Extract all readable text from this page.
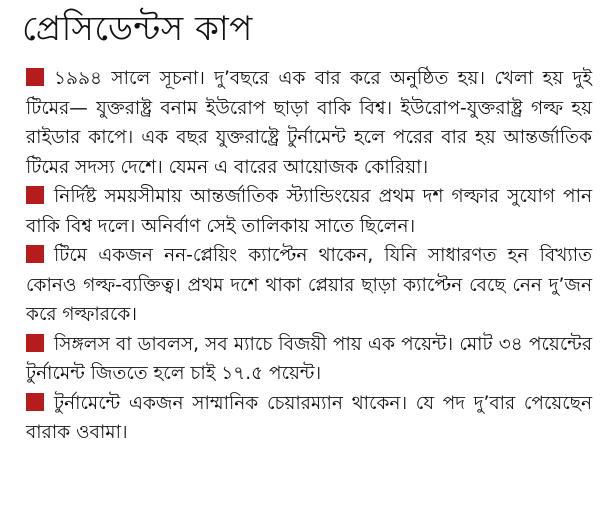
প্রেসিডেন্টস কাপ

১৯৯৪ সালে সূচনা। দু’বছরে এক বার করে অনুষ্ঠিত হয়। খেলা হয় দুই টিমের— যুক্তরাষ্ট্র বনাম ইউরোপ ছাড়া বাকি বিশ্ব। ইউরোপ-যুক্তরাষ্ট্র গল্ফ হয় রাইডার কাপে। এক বছর যুক্তরাষ্ট্রে টুর্নামেন্ট হলে পরের বার হয় আন্তর্জাতিক টিমের সদস্য দেশে। যেমন এ বারের আয়োজক কোরিয়া।

নির্দিষ্ট সময়সীমায় আন্তর্জাতিক স্ট্যান্ডিংয়ের প্রথম দশ গল্ফার সুযোগ পান বাকি বিশ্ব দলে। অনির্বাণ সেই তালিকায় সাতে ছিলেন।

টিমে একজন নন-প্লেয়িং ক্যাপ্টেন থাকেন, যিনি সাধারণত হন বিখ্যাত কোনও গল্ফ-ব্যক্তিত্ব। প্রথম দশে থাকা প্লেয়ার ছাড়া ক্যাপ্টেন বেছে নেন দু’জন করে গল্ফারকে।

সিঙ্গলস বা ডাবলস, সব ম্যাচে বিজয়ী পায় এক পয়েন্ট। মোট ৩৪ পয়েন্টের টুর্নামেন্ট জিততে হলে চাই ১৭.৫ পয়েন্ট।

টুর্নামেন্টে একজন সাম্মানিক চেয়ারম্যান থাকেন। যে পদ দু’বার পেয়েছেন বারাক ওবামা।
